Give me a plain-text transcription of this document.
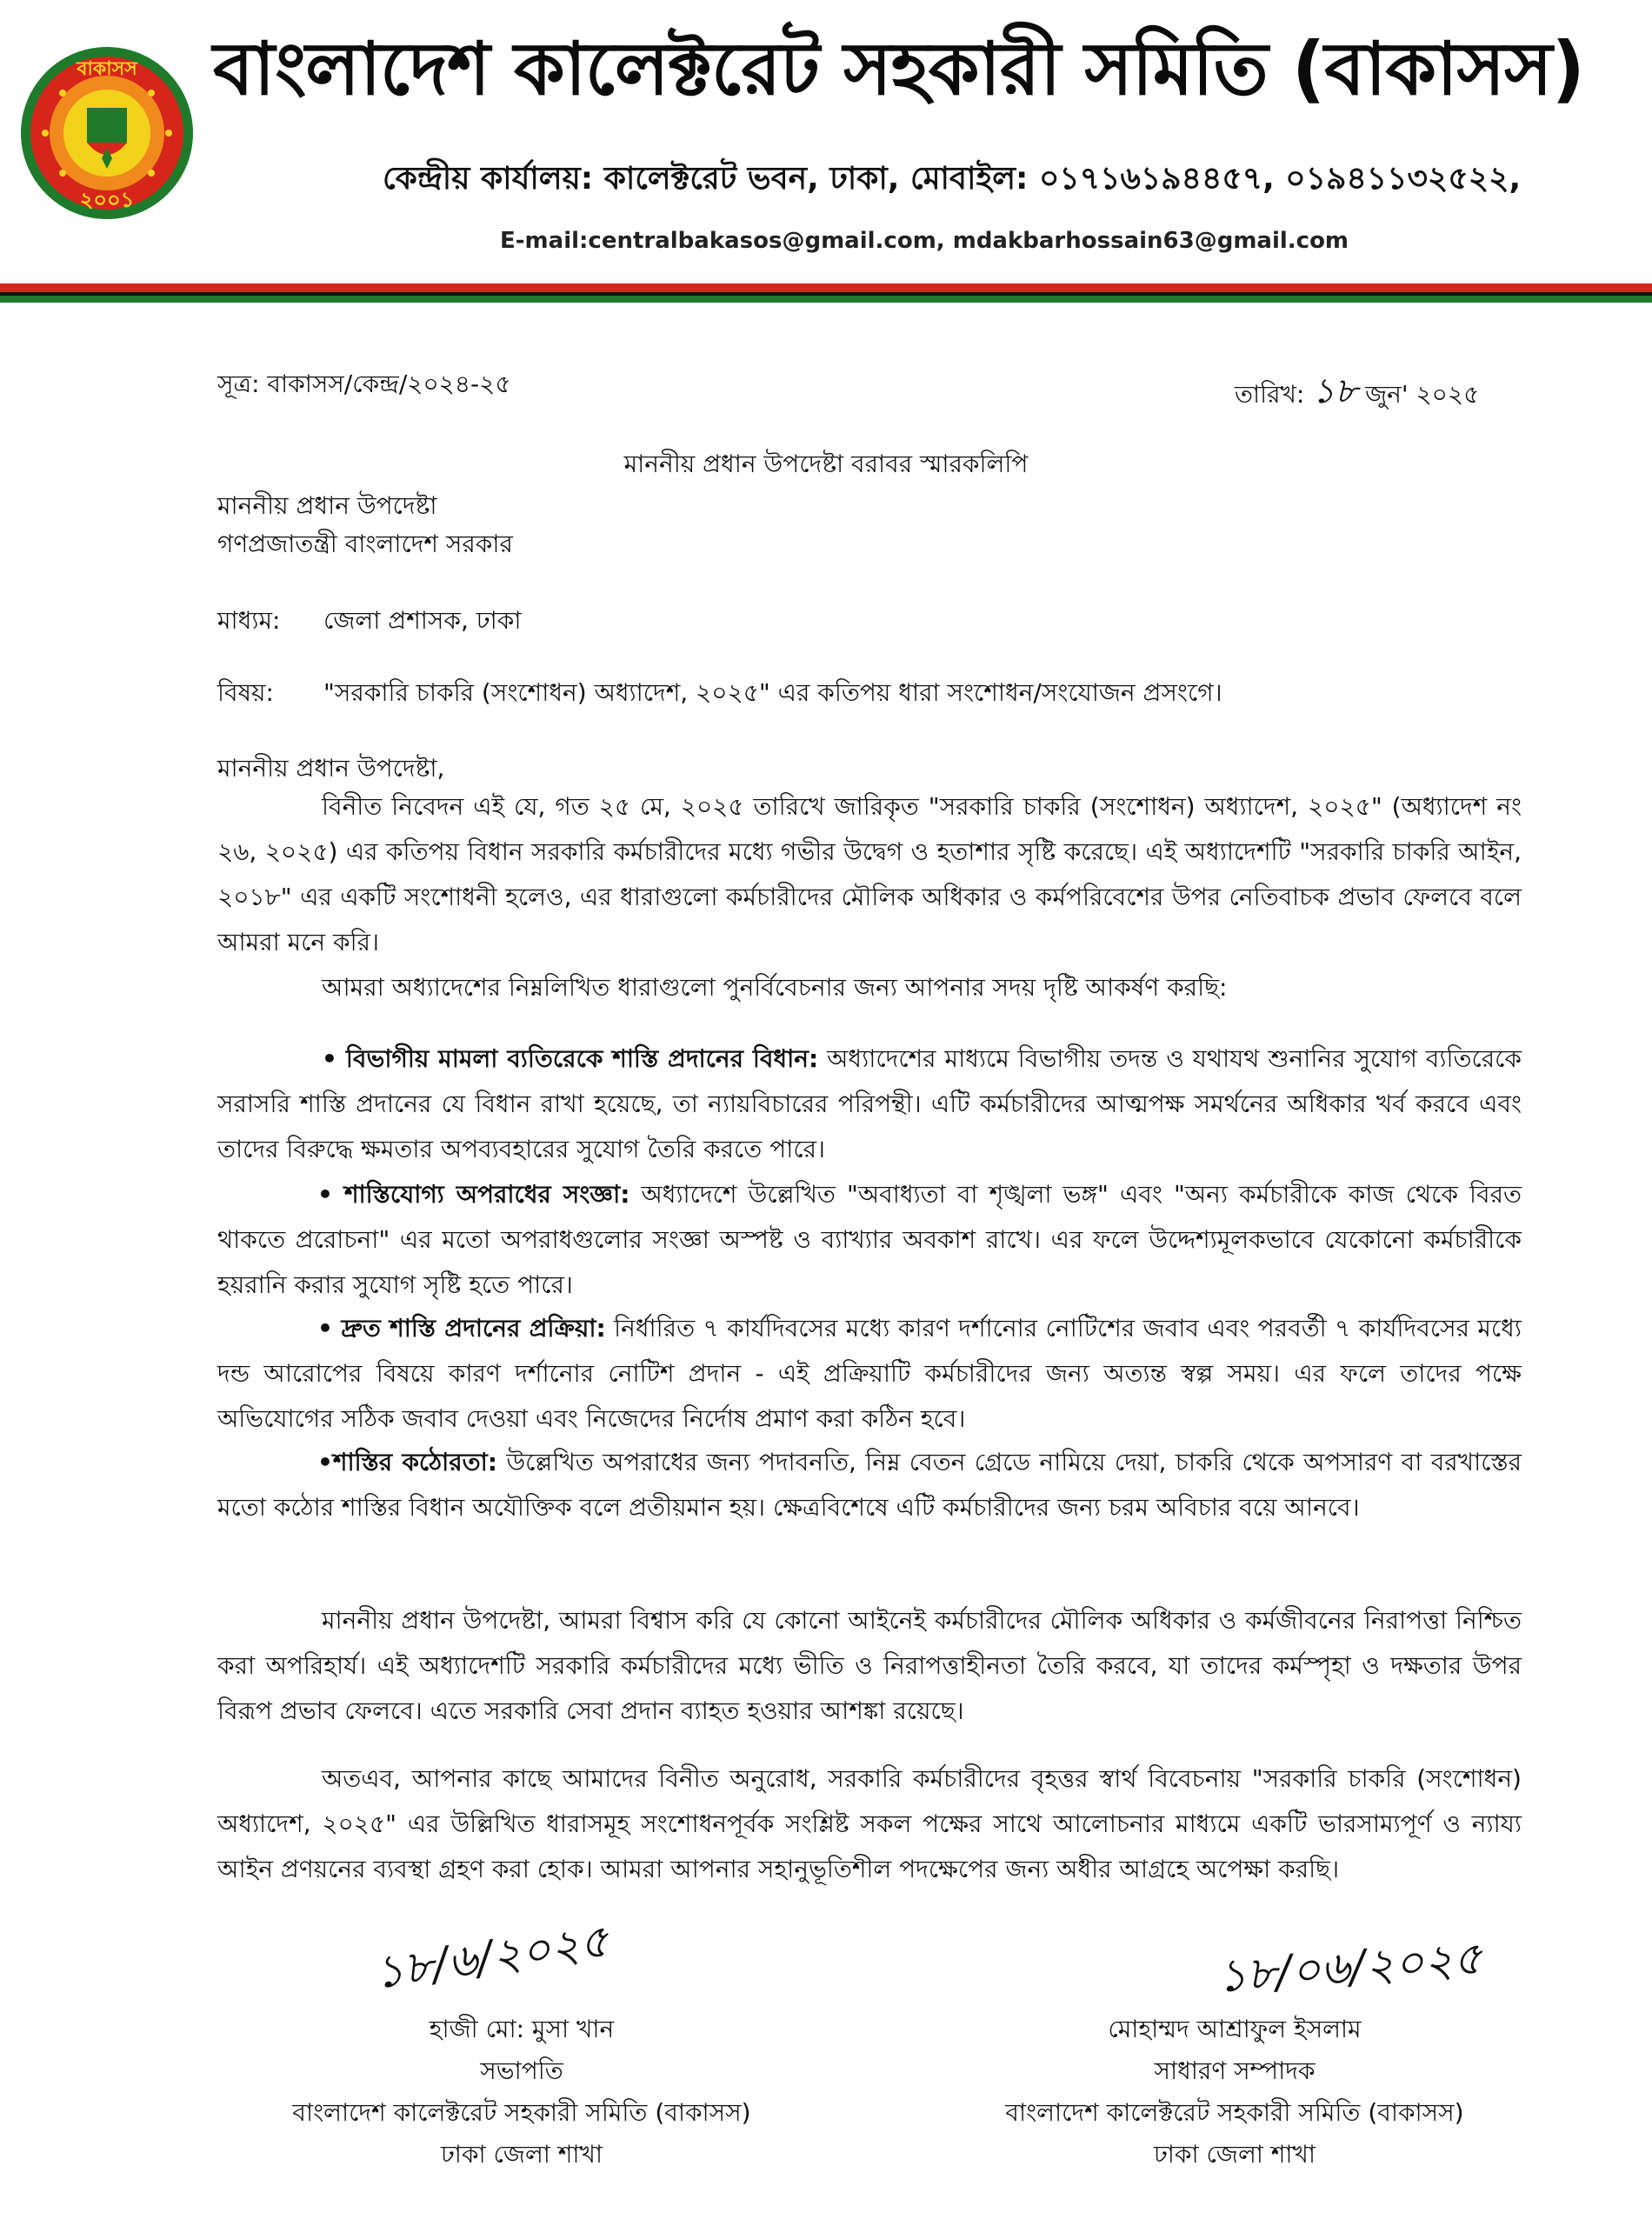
বাকাসস
২০০১
বাংলাদেশ কালেক্টরেট সহকারী সমিতি (বাকাসস)
কেন্দ্রীয় কার্যালয়: কালেক্টরেট ভবন, ঢাকা, মোবাইল: ০১৭১৬১৯৪৪৫৭, ০১৯৪১১৩২৫২২,
E-mail:centralbakasos@gmail.com, mdakbarhossain63@gmail.com
সূত্র: বাকাসস/কেন্দ্র/২০২৪-২৫	তারিখ: ১৮ জুন' ২০২৫
মাননীয় প্রধান উপদেষ্টা বরাবর স্মারকলিপি
মাননীয় প্রধান উপদেষ্টা
গণপ্রজাতন্ত্রী বাংলাদেশ সরকার
মাধ্যম: জেলা প্রশাসক, ঢাকা
বিষয়: "সরকারি চাকরি (সংশোধন) অধ্যাদেশ, ২০২৫" এর কতিপয় ধারা সংশোধন/সংযোজন প্রসংগে।
মাননীয় প্রধান উপদেষ্টা,
বিনীত নিবেদন এই যে, গত ২৫ মে, ২০২৫ তারিখে জারিকৃত "সরকারি চাকরি (সংশোধন) অধ্যাদেশ, ২০২৫" (অধ্যাদেশ নং ২৬, ২০২৫) এর কতিপয় বিধান সরকারি কর্মচারীদের মধ্যে গভীর উদ্বেগ ও হতাশার সৃষ্টি করেছে। এই অধ্যাদেশটি "সরকারি চাকরি আইন, ২০১৮" এর একটি সংশোধনী হলেও, এর ধারাগুলো কর্মচারীদের মৌলিক অধিকার ও কর্মপরিবেশের উপর নেতিবাচক প্রভাব ফেলবে বলে আমরা মনে করি।
আমরা অধ্যাদেশের নিম্নলিখিত ধারাগুলো পুনর্বিবেচনার জন্য আপনার সদয় দৃষ্টি আকর্ষণ করছি:
• বিভাগীয় মামলা ব্যতিরেকে শাস্তি প্রদানের বিধান: অধ্যাদেশের মাধ্যমে বিভাগীয় তদন্ত ও যথাযথ শুনানির সুযোগ ব্যতিরেকে সরাসরি শাস্তি প্রদানের যে বিধান রাখা হয়েছে, তা ন্যায়বিচারের পরিপন্থী। এটি কর্মচারীদের আত্মপক্ষ সমর্থনের অধিকার খর্ব করবে এবং তাদের বিরুদ্ধে ক্ষমতার অপব্যবহারের সুযোগ তৈরি করতে পারে।
• শাস্তিযোগ্য অপরাধের সংজ্ঞা: অধ্যাদেশে উল্লেখিত "অবাধ্যতা বা শৃঙ্খলা ভঙ্গ" এবং "অন্য কর্মচারীকে কাজ থেকে বিরত থাকতে প্ররোচনা" এর মতো অপরাধগুলোর সংজ্ঞা অস্পষ্ট ও ব্যাখ্যার অবকাশ রাখে। এর ফলে উদ্দেশ্যমূলকভাবে যেকোনো কর্মচারীকে হয়রানি করার সুযোগ সৃষ্টি হতে পারে।
• দ্রুত শাস্তি প্রদানের প্রক্রিয়া: নির্ধারিত ৭ কার্যদিবসের মধ্যে কারণ দর্শানোর নোটিশের জবাব এবং পরবর্তী ৭ কার্যদিবসের মধ্যে দন্ড আরোপের বিষয়ে কারণ দর্শানোর নোটিশ প্রদান - এই প্রক্রিয়াটি কর্মচারীদের জন্য অত্যন্ত স্বল্প সময়। এর ফলে তাদের পক্ষে অভিযোগের সঠিক জবাব দেওয়া এবং নিজেদের নির্দোষ প্রমাণ করা কঠিন হবে।
•শাস্তির কঠোরতা: উল্লেখিত অপরাধের জন্য পদাবনতি, নিম্ন বেতন গ্রেডে নামিয়ে দেয়া, চাকরি থেকে অপসারণ বা বরখাস্তের মতো কঠোর শাস্তির বিধান অযৌক্তিক বলে প্রতীয়মান হয়। ক্ষেত্রবিশেষে এটি কর্মচারীদের জন্য চরম অবিচার বয়ে আনবে।
মাননীয় প্রধান উপদেষ্টা, আমরা বিশ্বাস করি যে কোনো আইনেই কর্মচারীদের মৌলিক অধিকার ও কর্মজীবনের নিরাপত্তা নিশ্চিত করা অপরিহার্য। এই অধ্যাদেশটি সরকারি কর্মচারীদের মধ্যে ভীতি ও নিরাপত্তাহীনতা তৈরি করবে, যা তাদের কর্মস্পৃহা ও দক্ষতার উপর বিরূপ প্রভাব ফেলবে। এতে সরকারি সেবা প্রদান ব্যাহত হওয়ার আশঙ্কা রয়েছে।
অতএব, আপনার কাছে আমাদের বিনীত অনুরোধ, সরকারি কর্মচারীদের বৃহত্তর স্বার্থ বিবেচনায় "সরকারি চাকরি (সংশোধন) অধ্যাদেশ, ২০২৫" এর উল্লিখিত ধারাসমূহ সংশোধনপূর্বক সংশ্লিষ্ট সকল পক্ষের সাথে আলোচনার মাধ্যমে একটি ভারসাম্যপূর্ণ ও ন্যায্য আইন প্রণয়নের ব্যবস্থা গ্রহণ করা হোক। আমরা আপনার সহানুভূতিশীল পদক্ষেপের জন্য অধীর আগ্রহে অপেক্ষা করছি।
১৮/৬/২০২৫	১৮/০৬/২০২৫
হাজী মো: মুসা খান
সভাপতি
বাংলাদেশ কালেক্টরেট সহকারী সমিতি (বাকাসস)
ঢাকা জেলা শাখা
মোহাম্মদ আশ্রাফুল ইসলাম
সাধারণ সম্পাদক
বাংলাদেশ কালেক্টরেট সহকারী সমিতি (বাকাসস)
ঢাকা জেলা শাখা
